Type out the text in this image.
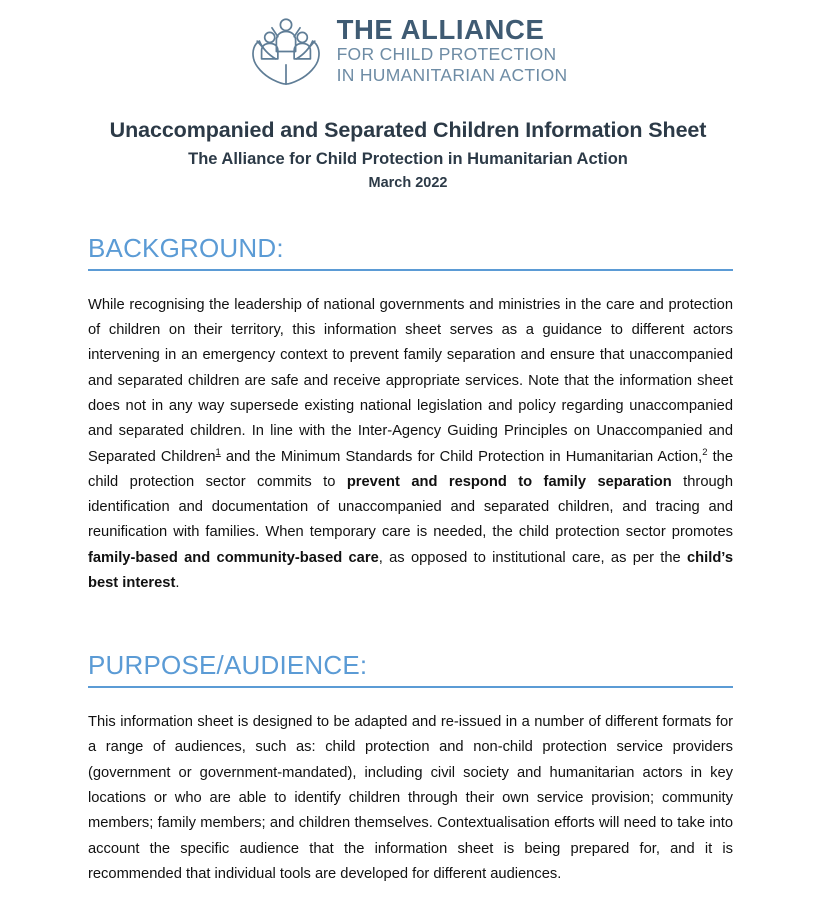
THE ALLIANCE
FOR CHILD PROTECTION
IN HUMANITARIAN ACTION
Unaccompanied and Separated Children Information Sheet
The Alliance for Child Protection in Humanitarian Action
March 2022
BACKGROUND:

While recognising the leadership of national governments and ministries in the care and protection of children on their territory, this information sheet serves as a guidance to different actors intervening in an emergency context to prevent family separation and ensure that unaccompanied and separated children are safe and receive appropriate services. Note that the information sheet does not in any way supersede existing national legislation and policy regarding unaccompanied and separated children. In line with the Inter-Agency Guiding Principles on Unaccompanied and Separated Children$^1$ and the Minimum Standards for Child Protection in Humanitarian Action,$^2$ the child protection sector commits to prevent and respond to family separation through identification and documentation of unaccompanied and separated children, and tracing and reunification with families. When temporary care is needed, the child protection sector promotes family-based and community-based care, as opposed to institutional care, as per the child’s best interest.

PURPOSE/AUDIENCE:

This information sheet is designed to be adapted and re-issued in a number of different formats for a range of audiences, such as: child protection and non-child protection service providers (government or government-mandated), including civil society and humanitarian actors in key locations or who are able to identify children through their own service provision; community members; family members; and children themselves. Contextualisation efforts will need to take into account the specific audience that the information sheet is being prepared for, and it is recommended that individual tools are developed for different audiences.
